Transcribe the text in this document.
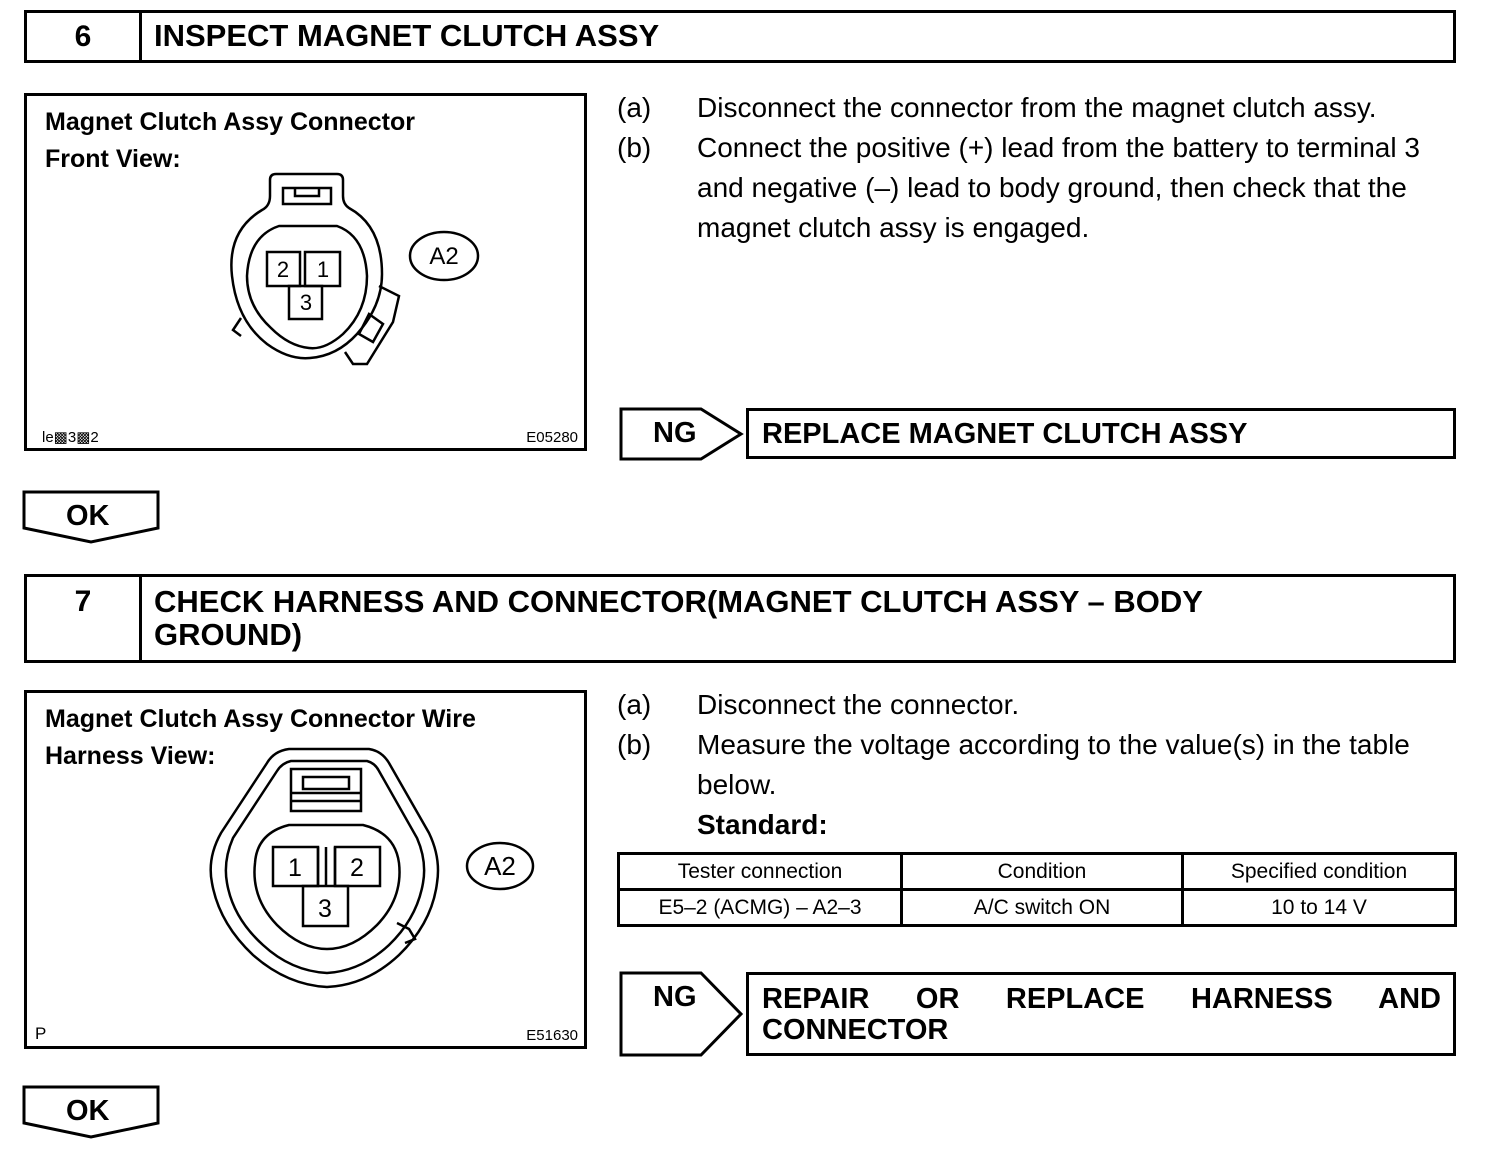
6	INSPECT MAGNET CLUTCH ASSY
Magnet Clutch Assy Connector
Front View:
2 1
3
A2
le▩3▩2	E05280
(a)	Disconnect the connector from the magnet clutch assy.
(b)	Connect the positive (+) lead from the battery to terminal 3 and negative (–) lead to body ground, then check that the magnet clutch assy is engaged.
NG	REPLACE MAGNET CLUTCH ASSY
OK
7	CHECK HARNESS AND CONNECTOR(MAGNET CLUTCH ASSY – BODY
GROUND)
Magnet Clutch Assy Connector Wire
Harness View:
1 2
3
A2
P	E51630
(a)	Disconnect the connector.
(b)	Measure the voltage according to the value(s) in the table below.
Standard:
Tester connection	Condition	Specified condition
E5–2 (ACMG) – A2–3	A/C switch ON	10 to 14 V
NG REPAIR OR REPLACE HARNESS AND
CONNECTOR
OK
